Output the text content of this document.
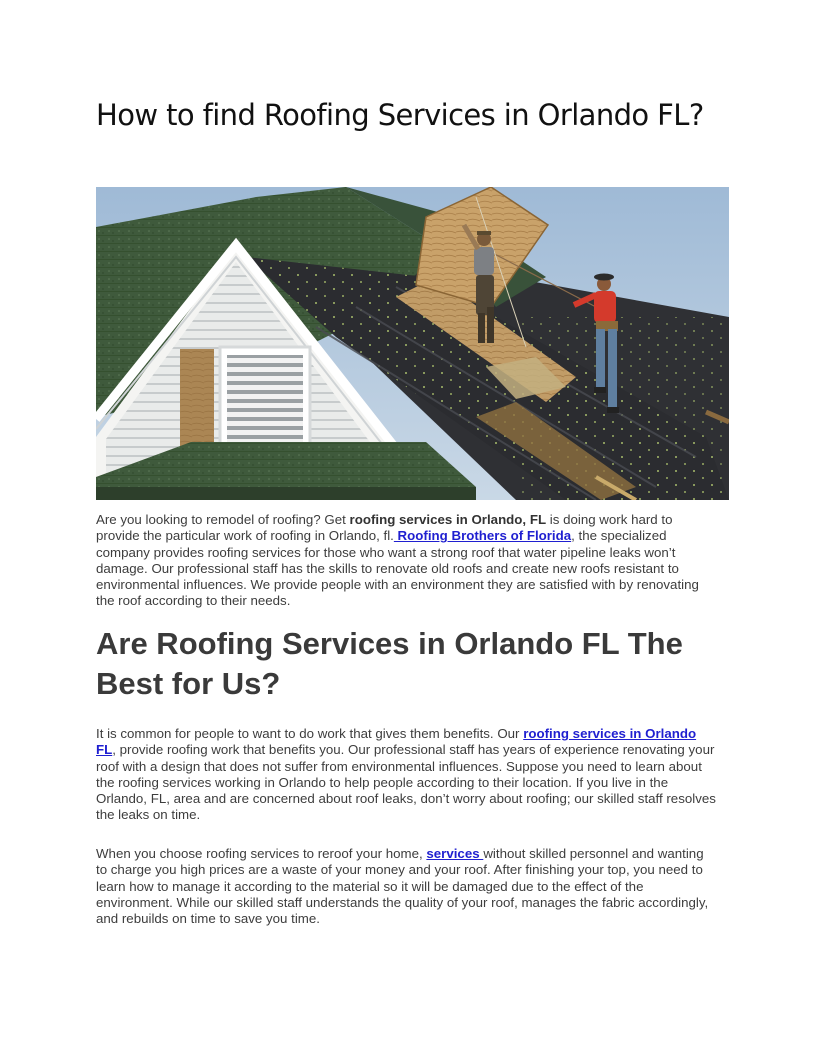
How to find Roofing Services in Orlando FL?

Are you looking to remodel of roofing? Get roofing services in Orlando, FL is doing work hard to provide the particular work of roofing in Orlando, fl. Roofing Brothers of Florida, the specialized company provides roofing services for those who want a strong roof that water pipeline leaks won’t damage. Our professional staff has the skills to renovate old roofs and create new roofs resistant to environmental influences. We provide people with an environment they are satisfied with by renovating the roof according to their needs.

Are Roofing Services in Orlando FL The Best for Us?

It is common for people to want to do work that gives them benefits. Our roofing services in Orlando FL, provide roofing work that benefits you. Our professional staff has years of experience renovating your roof with a design that does not suffer from environmental influences. Suppose you need to learn about the roofing services working in Orlando to help people according to their location. If you live in the Orlando, FL, area and are concerned about roof leaks, don’t worry about roofing; our skilled staff resolves the leaks on time.

When you choose roofing services to reroof your home, services without skilled personnel and wanting to charge you high prices are a waste of your money and your roof. After finishing your top, you need to learn how to manage it according to the material so it will be damaged due to the effect of the environment. While our skilled staff understands the quality of your roof, manages the fabric accordingly, and rebuilds on time to save you time.
